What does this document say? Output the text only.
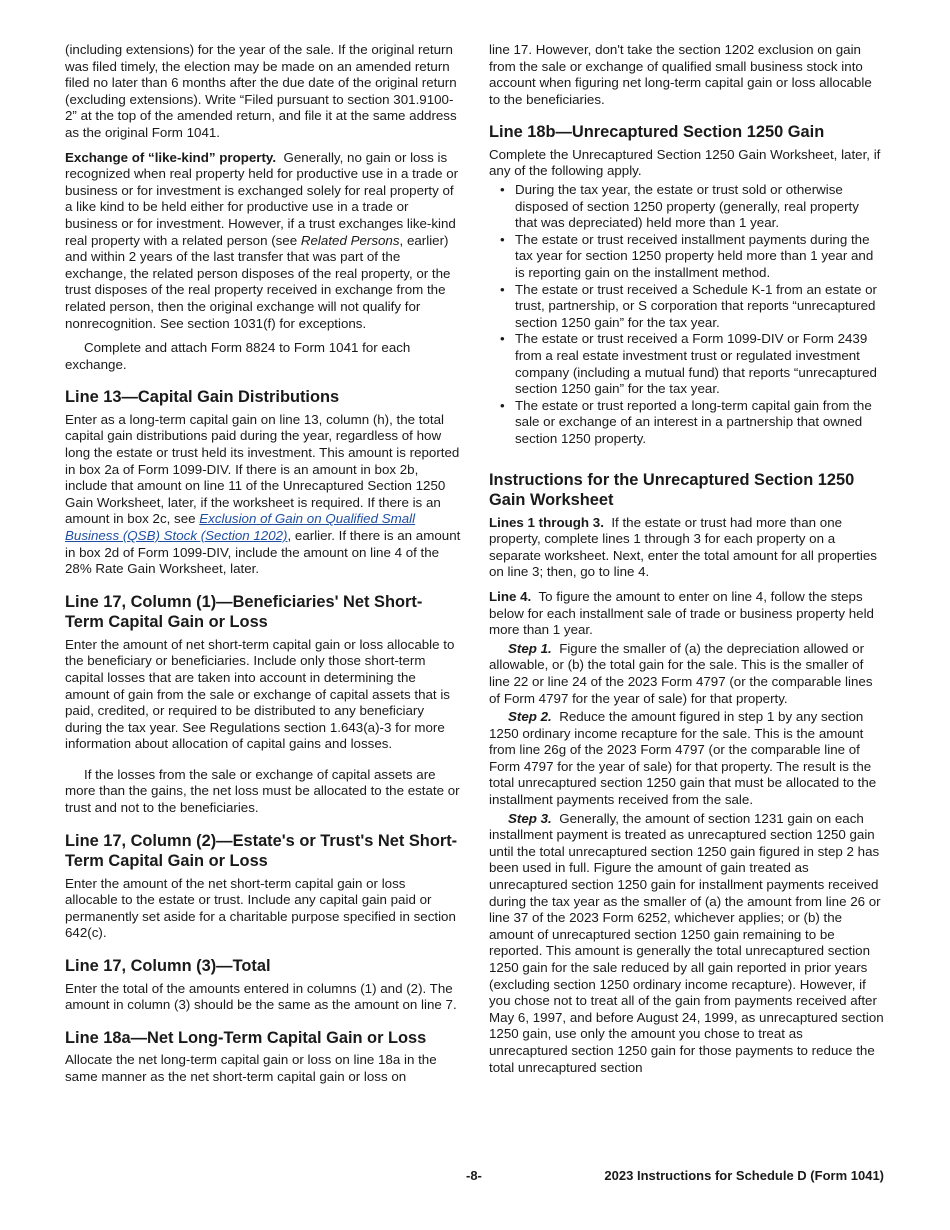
(including extensions) for the year of the sale. If the original return was filed timely, the election may be made on an amended return filed no later than 6 months after the due date of the original return (excluding extensions). Write “Filed pursuant to section 301.9100-2” at the top of the amended return, and file it at the same address as the original Form 1041.

Exchange of “like-kind” property. Generally, no gain or loss is recognized when real property held for productive use in a trade or business or for investment is exchanged solely for real property of a like kind to be held either for productive use in a trade or business or for investment. However, if a trust exchanges like-kind real property with a related person (see Related Persons, earlier) and within 2 years of the last transfer that was part of the exchange, the related person disposes of the real property, or the trust disposes of the real property received in exchange from the related person, then the original exchange will not qualify for nonrecognition. See section 1031(f) for exceptions.

Complete and attach Form 8824 to Form 1041 for each exchange.

Line 13—Capital Gain Distributions

Enter as a long-term capital gain on line 13, column (h), the total capital gain distributions paid during the year, regardless of how long the estate or trust held its investment. This amount is reported in box 2a of Form 1099-DIV. If there is an amount in box 2b, include that amount on line 11 of the Unrecaptured Section 1250 Gain Worksheet, later, if the worksheet is required. If there is an amount in box 2c, see Exclusion of Gain on Qualified Small Business (QSB) Stock (Section 1202), earlier. If there is an amount in box 2d of Form 1099-DIV, include the amount on line 4 of the 28% Rate Gain Worksheet, later.

Line 17, Column (1)—Beneficiaries' Net Short-Term Capital Gain or Loss

Enter the amount of net short-term capital gain or loss allocable to the beneficiary or beneficiaries. Include only those short-term capital losses that are taken into account in determining the amount of gain from the sale or exchange of capital assets that is paid, credited, or required to be distributed to any beneficiary during the tax year. See Regulations section 1.643(a)-3 for more information about allocation of capital gains and losses.

If the losses from the sale or exchange of capital assets are more than the gains, the net loss must be allocated to the estate or trust and not to the beneficiaries.

Line 17, Column (2)—Estate's or Trust's Net Short-Term Capital Gain or Loss

Enter the amount of the net short-term capital gain or loss allocable to the estate or trust. Include any capital gain paid or permanently set aside for a charitable purpose specified in section 642(c).

Line 17, Column (3)—Total

Enter the total of the amounts entered in columns (1) and (2). The amount in column (3) should be the same as the amount on line 7.

Line 18a—Net Long-Term Capital Gain or Loss

Allocate the net long-term capital gain or loss on line 18a in the same manner as the net short-term capital gain or loss on

line 17. However, don't take the section 1202 exclusion on gain from the sale or exchange of qualified small business stock into account when figuring net long-term capital gain or loss allocable to the beneficiaries.

Line 18b—Unrecaptured Section 1250 Gain

Complete the Unrecaptured Section 1250 Gain Worksheet, later, if any of the following apply.

• During the tax year, the estate or trust sold or otherwise disposed of section 1250 property (generally, real property that was depreciated) held more than 1 year.
• The estate or trust received installment payments during the tax year for section 1250 property held more than 1 year and is reporting gain on the installment method.
• The estate or trust received a Schedule K-1 from an estate or trust, partnership, or S corporation that reports “unrecaptured section 1250 gain” for the tax year.
• The estate or trust received a Form 1099-DIV or Form 2439 from a real estate investment trust or regulated investment company (including a mutual fund) that reports “unrecaptured section 1250 gain” for the tax year.
• The estate or trust reported a long-term capital gain from the sale or exchange of an interest in a partnership that owned section 1250 property.
Instructions for the Unrecaptured Section 1250 Gain Worksheet

Lines 1 through 3. If the estate or trust had more than one property, complete lines 1 through 3 for each property on a separate worksheet. Next, enter the total amount for all properties on line 3; then, go to line 4.

Line 4. To figure the amount to enter on line 4, follow the steps below for each installment sale of trade or business property held more than 1 year.

Step 1. Figure the smaller of (a) the depreciation allowed or allowable, or (b) the total gain for the sale. This is the smaller of line 22 or line 24 of the 2023 Form 4797 (or the comparable lines of Form 4797 for the year of sale) for that property.

Step 2. Reduce the amount figured in step 1 by any section 1250 ordinary income recapture for the sale. This is the amount from line 26g of the 2023 Form 4797 (or the comparable line of Form 4797 for the year of sale) for that property. The result is the total unrecaptured section 1250 gain that must be allocated to the installment payments received from the sale.

Step 3. Generally, the amount of section 1231 gain on each installment payment is treated as unrecaptured section 1250 gain until the total unrecaptured section 1250 gain figured in step 2 has been used in full. Figure the amount of gain treated as unrecaptured section 1250 gain for installment payments received during the tax year as the smaller of (a) the amount from line 26 or line 37 of the 2023 Form 6252, whichever applies; or (b) the amount of unrecaptured section 1250 gain remaining to be reported. This amount is generally the total unrecaptured section 1250 gain for the sale reduced by all gain reported in prior years (excluding section 1250 ordinary income recapture). However, if you chose not to treat all of the gain from payments received after May 6, 1997, and before August 24, 1999, as unrecaptured section 1250 gain, use only the amount you chose to treat as unrecaptured section 1250 gain for those payments to reduce the total unrecaptured section

-8-	2023 Instructions for Schedule D (Form 1041)
